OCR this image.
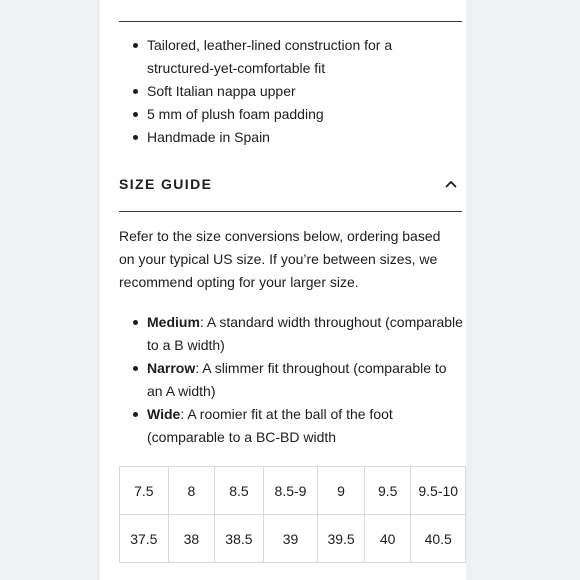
Tailored, leather-lined construction for a structured-yet-comfortable fit
Soft Italian nappa upper
5 mm of plush foam padding
Handmade in Spain
SIZE GUIDE

Refer to the size conversions below, ordering based on your typical US size. If you’re between sizes, we recommend opting for your larger size.

Medium: A standard width throughout (comparable to a B width)
Narrow: A slimmer fit throughout (comparable to an A width)
Wide: A roomier fit at the ball of the foot (comparable to a BC-BD width
7.5	8	8.5	8.5-9	9	9.5	9.5-10
37.5	38	38.5	39	39.5	40	40.5
